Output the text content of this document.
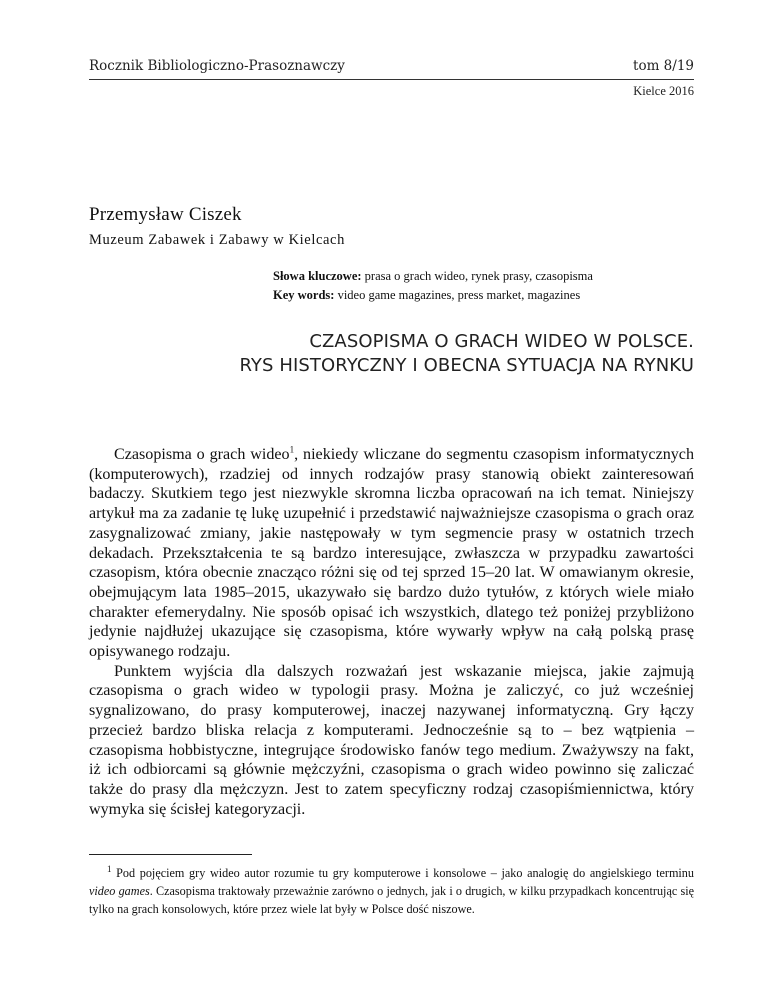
Rocznik Bibliologiczno-Prasoznawczy	tom 8/19
Kielce 2016
Przemysław Ciszek
Muzeum Zabawek i Zabawy w Kielcach
Słowa kluczowe: prasa o grach wideo, rynek prasy, czasopisma
Key words: video game magazines, press market, magazines
CZASOPISMA O GRACH WIDEO W POLSCE.
RYS HISTORYCZNY I OBECNA SYTUACJA NA RYNKU

Czasopisma o grach wideo$^1$, niekiedy wliczane do segmentu czasopism informatycznych (komputerowych), rzadziej od innych rodzajów prasy stanowią obiekt zainteresowań badaczy. Skutkiem tego jest niezwykle skromna liczba opracowań na ich temat. Niniejszy artykuł ma za zadanie tę lukę uzupełnić i przedstawić najważniejsze czasopisma o grach oraz zasygnalizować zmiany, jakie następowały w tym segmencie prasy w ostatnich trzech dekadach. Przekształcenia te są bardzo interesujące, zwłaszcza w przypadku zawartości czasopism, która obecnie znacząco różni się od tej sprzed 15–20 lat. W omawianym okresie, obejmującym lata 1985–2015, ukazywało się bardzo dużo tytułów, z których wiele miało charakter efemerydalny. Nie sposób opisać ich wszystkich, dlatego też poniżej przybliżono jedynie najdłużej ukazujące się czasopisma, które wywarły wpływ na całą polską prasę opisywanego rodzaju.

Punktem wyjścia dla dalszych rozważań jest wskazanie miejsca, jakie zajmują czasopisma o grach wideo w typologii prasy. Można je zaliczyć, co już wcześniej sygnalizowano, do prasy komputerowej, inaczej nazywanej informatyczną. Gry łączy przecież bardzo bliska relacja z komputerami. Jednocześnie są to – bez wątpienia – czasopisma hobbistyczne, integrujące środowisko fanów tego medium. Zważywszy na fakt, iż ich odbiorcami są głównie mężczyźni, czasopisma o grach wideo powinno się zaliczać także do prasy dla mężczyzn. Jest to zatem specyficzny rodzaj czasopiśmiennictwa, który wymyka się ścisłej kategoryzacji.

$^1$ Pod pojęciem gry wideo autor rozumie tu gry komputerowe i konsolowe – jako analogię do angielskiego terminu video games. Czasopisma traktowały przeważnie zarówno o jednych, jak i o drugich, w kilku przypadkach koncentrując się tylko na grach konsolowych, które przez wiele lat były w Polsce dość niszowe.
